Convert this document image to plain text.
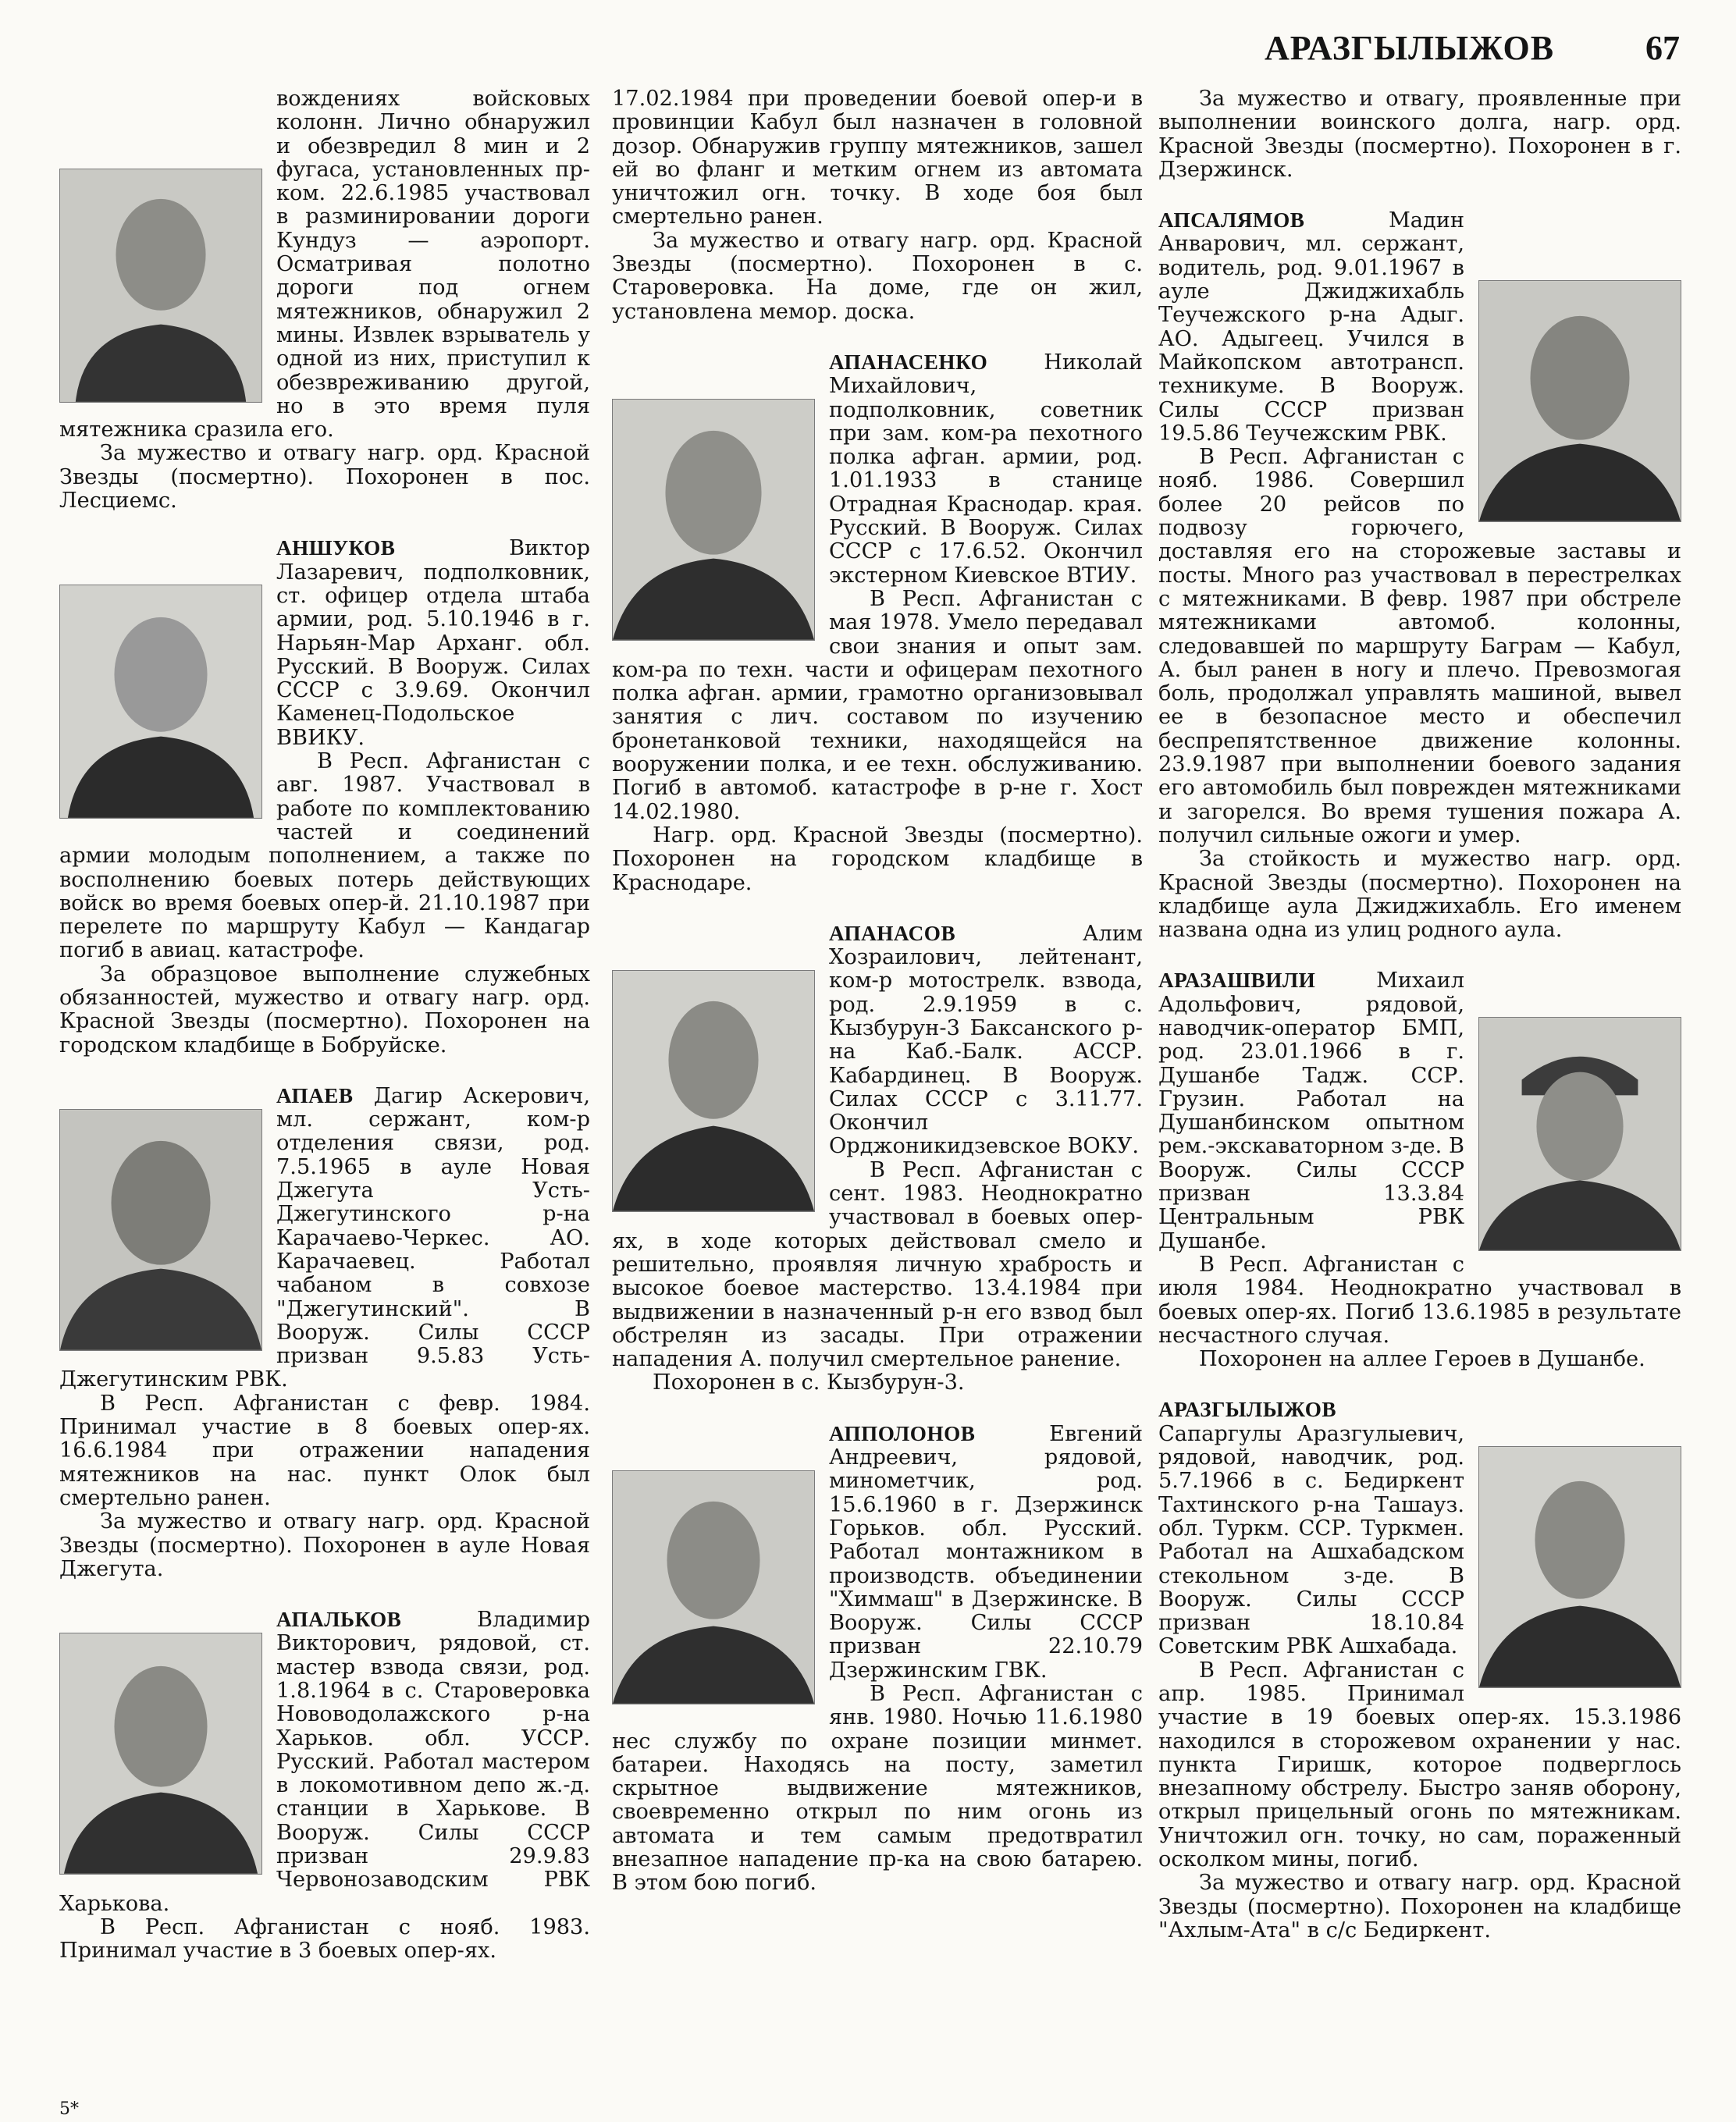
АРАЗГЫЛЫЖОВ	67

вождениях войсковых колонн. Лично обнаружил и обезвредил 8 мин и 2 фугаса, установленных пр-ком. 22.6.1985 участвовал в разминировании дороги Кундуз — аэропорт. Осматривая полотно дороги под огнем мятежников, обнаружил 2 мины. Извлек взрыватель у одной из них, приступил к обезвреживанию другой, но в это время пуля мятежника сразила его.

За мужество и отвагу нагр. орд. Красной Звезды (посмертно). Похоронен в пос. Лесциемс.

АНШУКОВ Виктор Лазаревич, подполковник, ст. офицер отдела штаба армии, род. 5.10.1946 в г. Нарьян-Мар Арханг. обл. Русский. В Вооруж. Силах СССР с 3.9.69. Окончил Каменец-Подольское ВВИКУ.

В Респ. Афганистан с авг. 1987. Участвовал в работе по комплектованию частей и соединений армии молодым пополнением, а также по восполнению боевых потерь действующих войск во время боевых опер-й. 21.10.1987 при перелете по маршруту Кабул — Кандагар погиб в авиац. катастрофе.

За образцовое выполнение служебных обязанностей, мужество и отвагу нагр. орд. Красной Звезды (посмертно). Похоронен на городском кладбище в Бобруйске.

АПАЕВ Дагир Аскерович, мл. сержант, ком-р отделения связи, род. 7.5.1965 в ауле Новая Джегута Усть-Джегутинского р-на Карачаево-Черкес. АО. Карачаевец. Работал чабаном в совхозе "Джегутинский". В Вооруж. Силы СССР призван 9.5.83 Усть-Джегутинским РВК.

В Респ. Афганистан с февр. 1984. Принимал участие в 8 боевых опер-ях. 16.6.1984 при отражении нападения мятежников на нас. пункт Олок был смертельно ранен.

За мужество и отвагу нагр. орд. Красной Звезды (посмертно). Похоронен в ауле Новая Джегута.

АПАЛЬКОВ Владимир Викторович, рядовой, ст. мастер взвода связи, род. 1.8.1964 в с. Староверовка Нововодолажского р-на Харьков. обл. УССР. Русский. Работал мастером в локомотивном депо ж.-д. станции в Харькове. В Вооруж. Силы СССР призван 29.9.83 Червонозаводским РВК Харькова.

В Респ. Афганистан с нояб. 1983. Принимал участие в 3 боевых опер-ях.

17.02.1984 при проведении боевой опер-и в провинции Кабул был назначен в головной дозор. Обнаружив группу мятежников, зашел ей во фланг и метким огнем из автомата уничтожил огн. точку. В ходе боя был смертельно ранен.

За мужество и отвагу нагр. орд. Красной Звезды (посмертно). Похоронен в с. Староверовка. На доме, где он жил, установлена мемор. доска.

АПАНАСЕНКО Николай Михайлович, подполковник, советник при зам. ком-ра пехотного полка афган. армии, род. 1.01.1933 в станице Отрадная Краснодар. края. Русский. В Вооруж. Силах СССР с 17.6.52. Окончил экстерном Киевское ВТИУ.

В Респ. Афганистан с мая 1978. Умело передавал свои знания и опыт зам. ком-ра по техн. части и офицерам пехотного полка афган. армии, грамотно организовывал занятия с лич. составом по изучению бронетанковой техники, находящейся на вооружении полка, и ее техн. обслуживанию. Погиб в автомоб. катастрофе в р-не г. Хост 14.02.1980.

Нагр. орд. Красной Звезды (посмертно). Похоронен на городском кладбище в Краснодаре.

АПАНАСОВ Алим Хозраилович, лейтенант, ком-р мотострелк. взвода, род. 2.9.1959 в с. Кызбурун-3 Баксанского р-на Каб.-Балк. АССР. Кабардинец. В Вооруж. Силах СССР с 3.11.77. Окончил Орджоникидзевское ВОКУ.

В Респ. Афганистан с сент. 1983. Неоднократно участвовал в боевых опер-ях, в ходе которых действовал смело и решительно, проявляя личную храбрость и высокое боевое мастерство. 13.4.1984 при выдвижении в назначенный р-н его взвод был обстрелян из засады. При отражении нападения А. получил смертельное ранение.

Похоронен в с. Кызбурун-3.

АППОЛОНОВ Евгений Андреевич, рядовой, минометчик, род. 15.6.1960 в г. Дзержинск Горьков. обл. Русский. Работал монтажником в производств. объединении "Химмаш" в Дзержинске. В Вооруж. Силы СССР призван 22.10.79 Дзержинским ГВК.

В Респ. Афганистан с янв. 1980. Ночью 11.6.1980 нес службу по охране позиции минмет. батареи. Находясь на посту, заметил скрытное выдвижение мятежников, своевременно открыл по ним огонь из автомата и тем самым предотвратил внезапное нападение пр-ка на свою батарею. В этом бою погиб.

За мужество и отвагу, проявленные при выполнении воинского долга, нагр. орд. Красной Звезды (посмертно). Похоронен в г. Дзержинск.

АПСАЛЯМОВ Мадин Анварович, мл. сержант, водитель, род. 9.01.1967 в ауле Джиджихабль Теучежского р-на Адыг. АО. Адыгеец. Учился в Майкопском автотрансп. техникуме. В Вооруж. Силы СССР призван 19.5.86 Теучежским РВК.

В Респ. Афганистан с нояб. 1986. Совершил более 20 рейсов по подвозу горючего, доставляя его на сторожевые заставы и посты. Много раз участвовал в перестрелках с мятежниками. В февр. 1987 при обстреле мятежниками автомоб. колонны, следовавшей по маршруту Баграм — Кабул, А. был ранен в ногу и плечо. Превозмогая боль, продолжал управлять машиной, вывел ее в безопасное место и обеспечил беспрепятственное движение колонны. 23.9.1987 при выполнении боевого задания его автомобиль был поврежден мятежниками и загорелся. Во время тушения пожара А. получил сильные ожоги и умер.

За стойкость и мужество нагр. орд. Красной Звезды (посмертно). Похоронен на кладбище аула Джиджихабль. Его именем названа одна из улиц родного аула.

АРАЗАШВИЛИ Михаил Адольфович, рядовой, наводчик-оператор БМП, род. 23.01.1966 в г. Душанбе Тадж. ССР. Грузин. Работал на Душанбинском опытном рем.-экскаваторном з-де. В Вооруж. Силы СССР призван 13.3.84 Центральным РВК Душанбе.

В Респ. Афганистан с июля 1984. Неоднократно участвовал в боевых опер-ях. Погиб 13.6.1985 в результате несчастного случая.

Похоронен на аллее Героев в Душанбе.

АРАЗГЫЛЫЖОВ Сапаргулы Аразгулыевич, рядовой, наводчик, род. 5.7.1966 в с. Бедиркент Тахтинского р-на Ташауз. обл. Туркм. ССР. Туркмен. Работал на Ашхабадском стекольном з-де. В Вооруж. Силы СССР призван 18.10.84 Советским РВК Ашхабада.

В Респ. Афганистан с апр. 1985. Принимал участие в 19 боевых опер-ях. 15.3.1986 находился в сторожевом охранении у нас. пункта Гиришк, которое подверглось внезапному обстрелу. Быстро заняв оборону, открыл прицельный огонь по мятежникам. Уничтожил огн. точку, но сам, пораженный осколком мины, погиб.

За мужество и отвагу нагр. орд. Красной Звезды (посмертно). Похоронен на кладбище "Ахлым-Ата" в с/с Бедиркент.

5*
